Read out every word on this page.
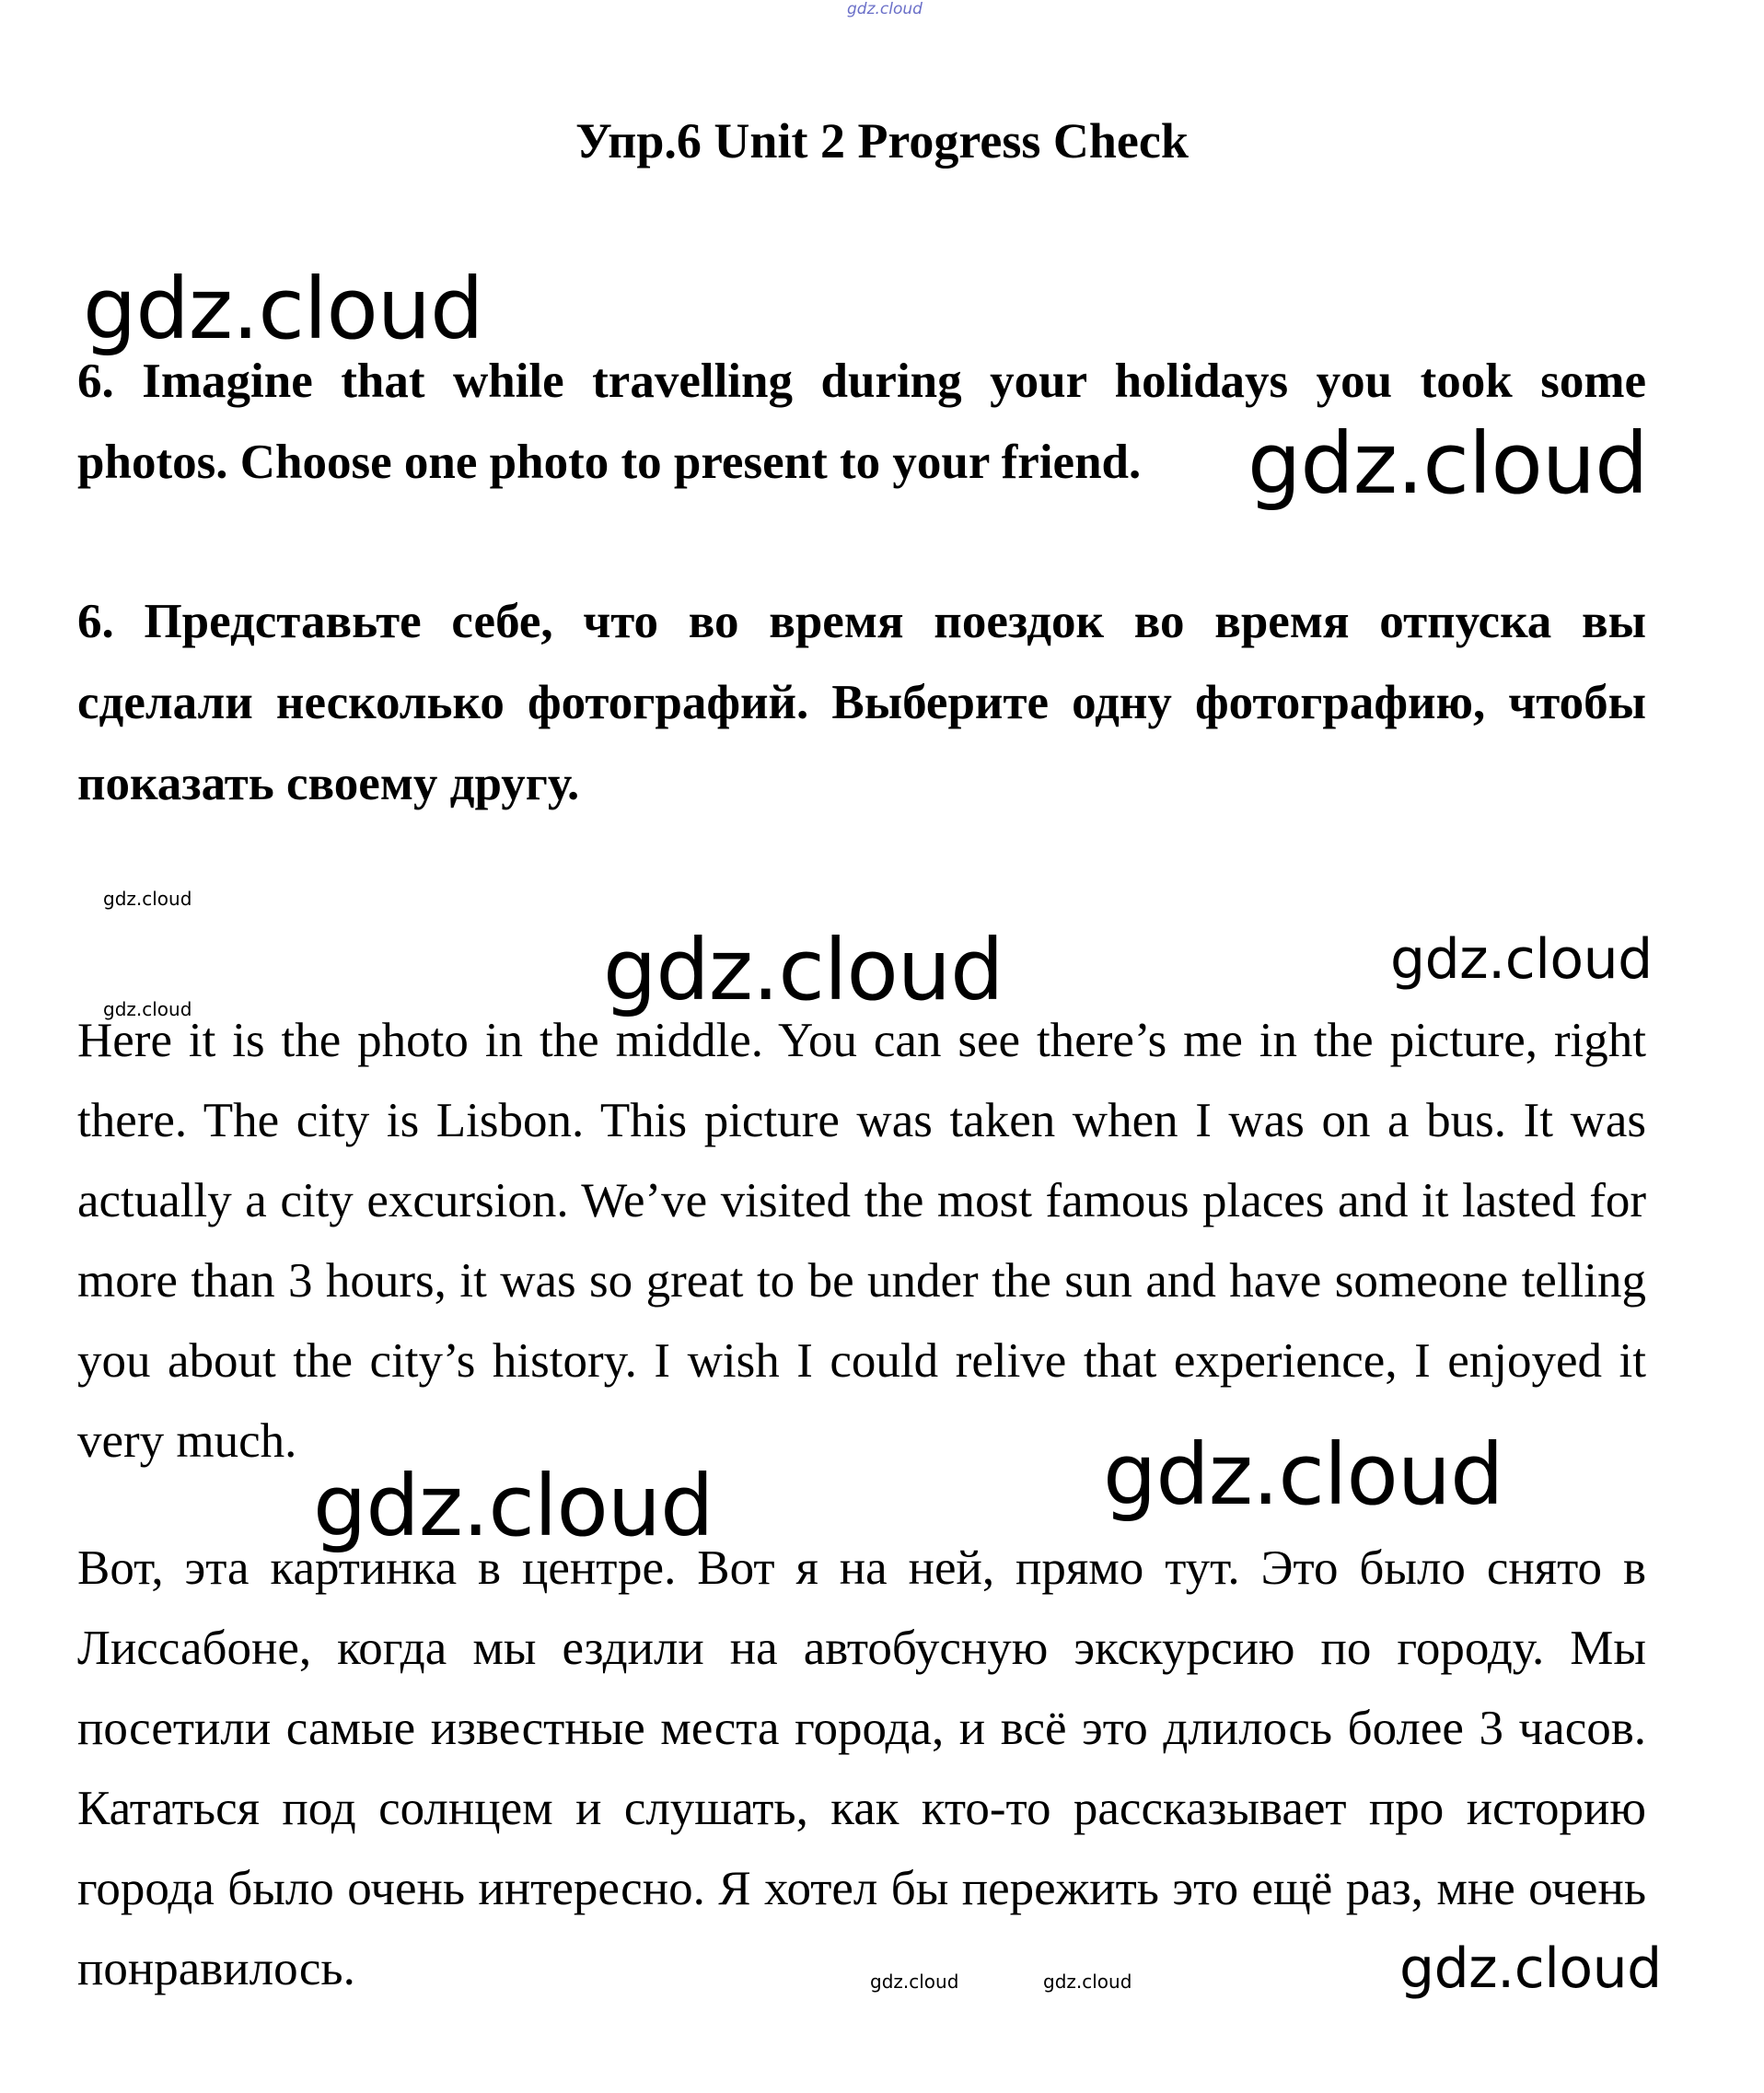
gdz.cloud
Упр.6 Unit 2 Progress Check
gdz.cloud

6. Imagine that while travelling during your holidays you took some photos. Choose one photo to present to your friend.	gdz.cloud

6. Представьте себе, что во время поездок во время отпуска вы сделали несколько фотографий. Выберите одну фотографию, чтобы показать своему другу.

gdz.cloud
gdz.cloud	gdz.cloud
gdz.cloud

Here it is the photo in the middle. You can see there’s me in the picture, right there. The city is Lisbon. This picture was taken when I was on a bus. It was actually a city excursion. We’ve visited the most famous places and it lasted for more than 3 hours, it was so great to be under the sun and have someone telling you about the city’s history. I wish I could relive that experience, I enjoyed it very much.	gdz.cloud
gdz.cloud

Вот, эта картинка в центре. Вот я на ней, прямо тут. Это было снято в Лиссабоне, когда мы ездили на автобусную экскурсию по городу. Мы посетили самые известные места города, и всё это длилось более 3 часов. Кататься под солнцем и слушать, как кто-то рассказывает про историю города было очень интересно. Я хотел бы пережить это ещё раз, мне очень понравилось.	gdz.cloud	gdz.cloud	gdz.cloud
